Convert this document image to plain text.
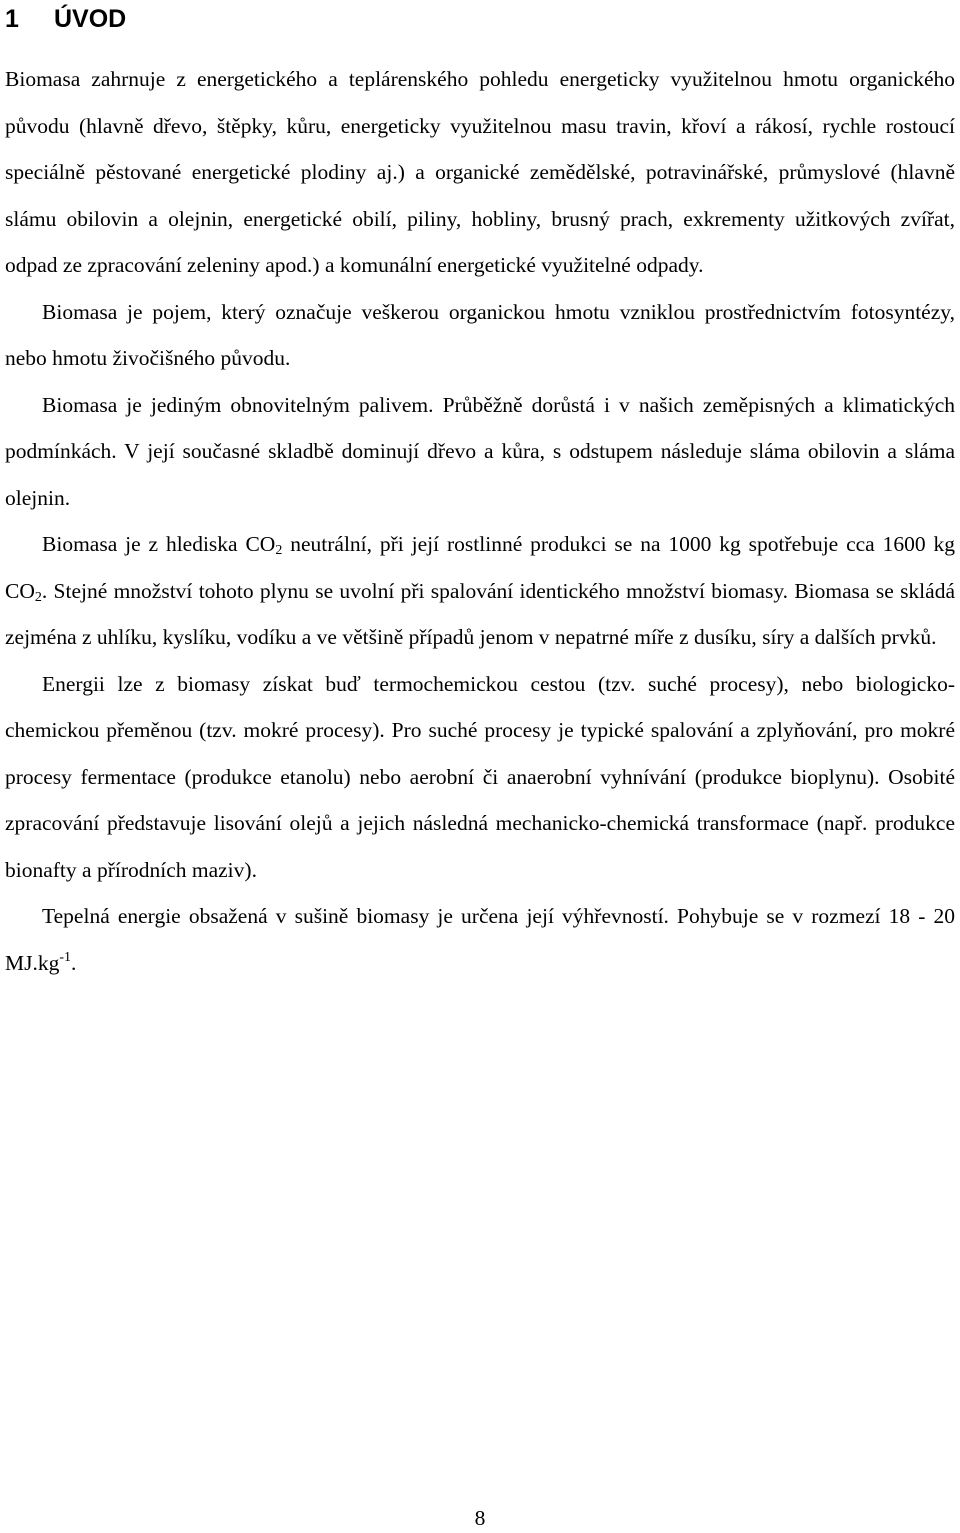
1 ÚVOD

Biomasa zahrnuje z energetického a teplárenského pohledu energeticky využitelnou hmotu organického původu (hlavně dřevo, štěpky, kůru, energeticky využitelnou masu travin, křoví a rákosí, rychle rostoucí speciálně pěstované energetické plodiny aj.) a organické zemědělské, potravinářské, průmyslové (hlavně slámu obilovin a olejnin, energetické obilí, piliny, hobliny, brusný prach, exkrementy užitkových zvířat, odpad ze zpracování zeleniny apod.) a komunální energetické využitelné odpady.

Biomasa je pojem, který označuje veškerou organickou hmotu vzniklou prostřednictvím fotosyntézy, nebo hmotu živočišného původu.

Biomasa je jediným obnovitelným palivem. Průběžně dorůstá i v našich zeměpisných a klimatických podmínkách. V její současné skladbě dominují dřevo a kůra, s odstupem následuje sláma obilovin a sláma olejnin.

Biomasa je z hlediska $CO_2$ neutrální, při její rostlinné produkci se na 1000 kg spotřebuje cca 1600 kg $CO_2$. Stejné množství tohoto plynu se uvolní při spalování identického množství biomasy. Biomasa se skládá zejména z uhlíku, kyslíku, vodíku a ve většině případů jenom v nepatrné míře z dusíku, síry a dalších prvků.

Energii lze z biomasy získat buď termochemickou cestou (tzv. suché procesy), nebo biologicko-chemickou přeměnou (tzv. mokré procesy). Pro suché procesy je typické spalování a zplyňování, pro mokré procesy fermentace (produkce etanolu) nebo aerobní či anaerobní vyhnívání (produkce bioplynu). Osobité zpracování představuje lisování olejů a jejich následná mechanicko-chemická transformace (např. produkce bionafty a přírodních maziv).

Tepelná energie obsažená v sušině biomasy je určena její výhřevností. Pohybuje se v rozmezí 18 - 20 $MJ.kg^{-1}$.

8
